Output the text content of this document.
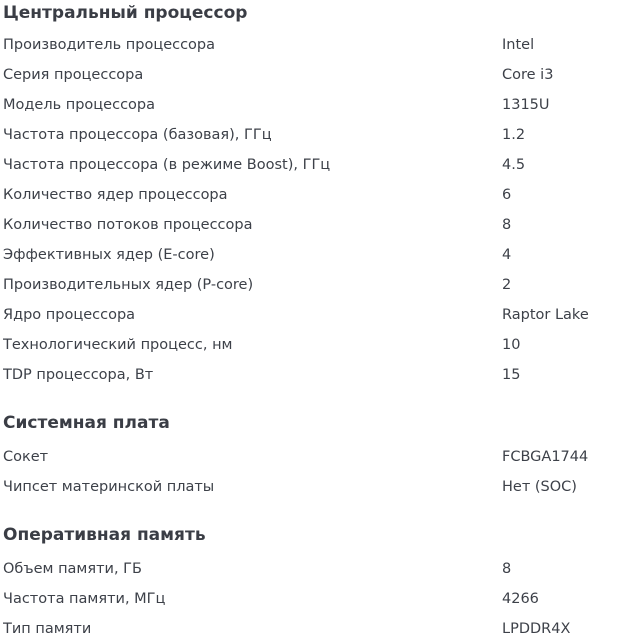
Центральный процессор
Производитель процессора	Intel
Серия процессора	Core i3
Модель процессора	1315U
Частота процессора (базовая), ГГц	1.2
Частота процессора (в режиме Boost), ГГц	4.5
Количество ядер процессора	6
Количество потоков процессора	8
Эффективных ядер (E-core)	4
Производительных ядер (P-core)	2
Ядро процессора	Raptor Lake
Технологический процесс, нм	10
TDP процессора, Вт	15
Системная плата
Сокет	FCBGA1744
Чипсет материнской платы	Нет (SOC)
Оперативная память
Объем памяти, ГБ	8
Частота памяти, МГц	4266
Тип памяти	LPDDR4X
